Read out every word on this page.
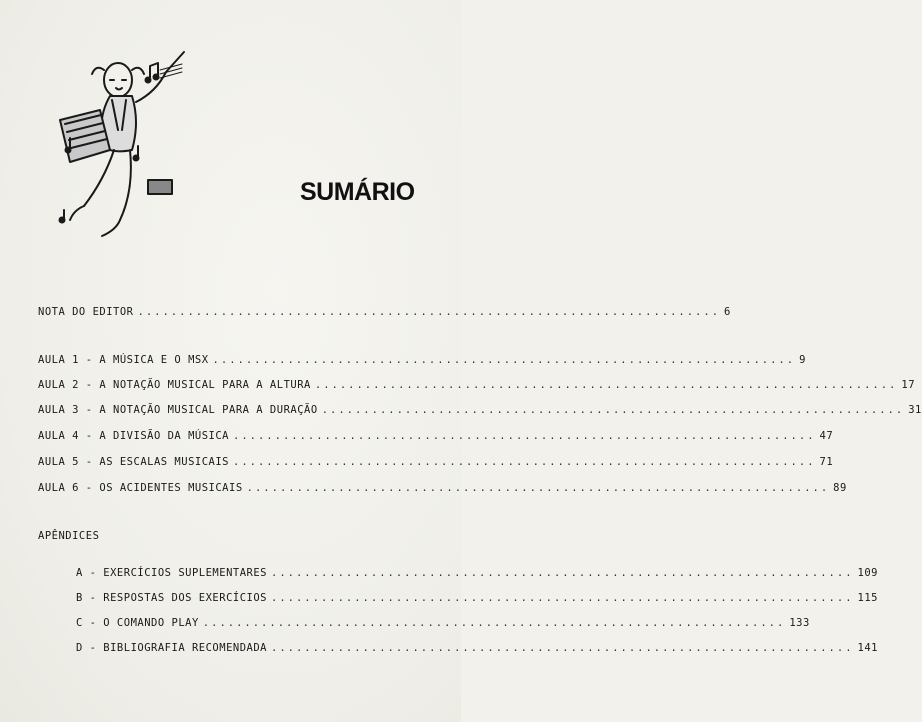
SUMÁRIO
NOTA DO EDITOR ...................................................................... 6
AULA 1 - A MÚSICA E O MSX ...................................................................... 9
AULA 2 - A NOTAÇÃO MUSICAL PARA A ALTURA ...................................................................... 17
AULA 3 - A NOTAÇÃO MUSICAL PARA A DURAÇÃO ...................................................................... 31
AULA 4 - A DIVISÃO DA MÚSICA ...................................................................... 47
AULA 5 - AS ESCALAS MUSICAIS ...................................................................... 71
AULA 6 - OS ACIDENTES MUSICAIS ...................................................................... 89
APÊNDICES
A - EXERCÍCIOS SUPLEMENTARES ...................................................................... 109
B - RESPOSTAS DOS EXERCÍCIOS ...................................................................... 115
C - O COMANDO PLAY ...................................................................... 133
D - BIBLIOGRAFIA RECOMENDADA ...................................................................... 141
